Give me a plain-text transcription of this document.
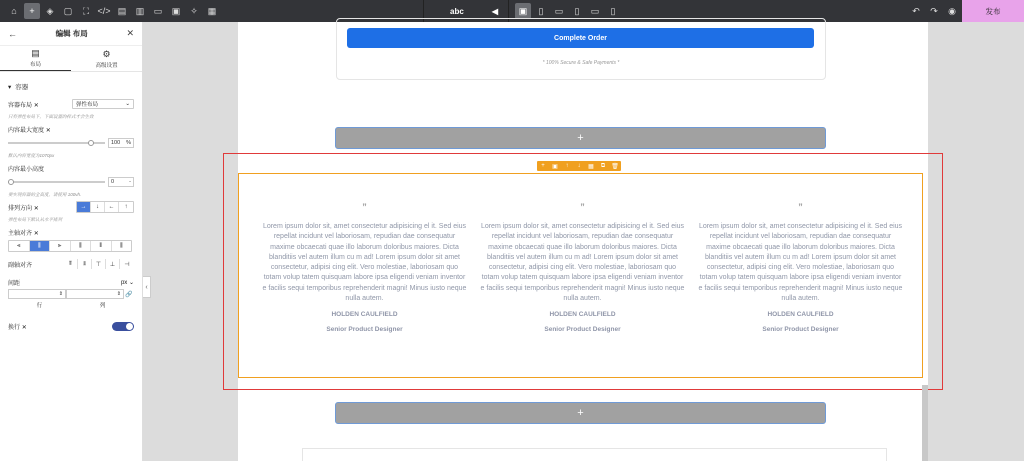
⌂	+	◈	▢	⛶ </> ▤	▥	▭	▣	✧	▦	abc	◀	▣	▯	▭	▯	▭	▯	↶	↷	◉	发布
←	编辑 布局	✕
▤
布局
⚙
高级设置
▾ 容器
容器布局 ✕	弹性布局	⌄
只有弹性布局下，下面设置的样式才会生效
内容最大宽度 ✕
100 %
默认内容宽度为1070px
内容最小高度
0	-
要实现容器的全高度，请使用 100vh.
排列方向 ✕	→	↓	←	↑
弹性布局下默认从水平排列
主轴对齐 ✕
⫷	⫼	⫸	⫼	⫴	⫼
副轴对齐	⫪	⫫	⊤	⊥	⊣
间距	px ⌄
⇕	⇕ 🔗
行	列
换行 ✕
‹
Complete Order
* 100% Secure & Safe Payments *
+
+	▣	↑	↓	▦	⧉	🗑
”

Lorem ipsum dolor sit, amet consectetur adipisicing el it. Sed eius repellat incidunt vel laboriosam, repudian dae consequatur maxime obcaecati quae illo laborum doloribus maiores. Dicta blanditiis vel autem illum cu m ad! Lorem ipsum dolor sit amet consectetur, adipisi cing elit. Vero molestiae, laboriosam quo totam volup tatem quisquam labore ipsa eligendi veniam inventor e facilis sequi temporibus reprehenderit magni! Minus iusto neque nulla autem.

HOLDEN CAULFIELD
Senior Product Designer
”

Lorem ipsum dolor sit, amet consectetur adipisicing el it. Sed eius repellat incidunt vel laboriosam, repudian dae consequatur maxime obcaecati quae illo laborum doloribus maiores. Dicta blanditiis vel autem illum cu m ad! Lorem ipsum dolor sit amet consectetur, adipisi cing elit. Vero molestiae, laboriosam quo totam volup tatem quisquam labore ipsa eligendi veniam inventor e facilis sequi temporibus reprehenderit magni! Minus iusto neque nulla autem.

HOLDEN CAULFIELD
Senior Product Designer
”

Lorem ipsum dolor sit, amet consectetur adipisicing el it. Sed eius repellat incidunt vel laboriosam, repudian dae consequatur maxime obcaecati quae illo laborum doloribus maiores. Dicta blanditiis vel autem illum cu m ad! Lorem ipsum dolor sit amet consectetur, adipisi cing elit. Vero molestiae, laboriosam quo totam volup tatem quisquam labore ipsa eligendi veniam inventor e facilis sequi temporibus reprehenderit magni! Minus iusto neque nulla autem.

HOLDEN CAULFIELD
Senior Product Designer
+
